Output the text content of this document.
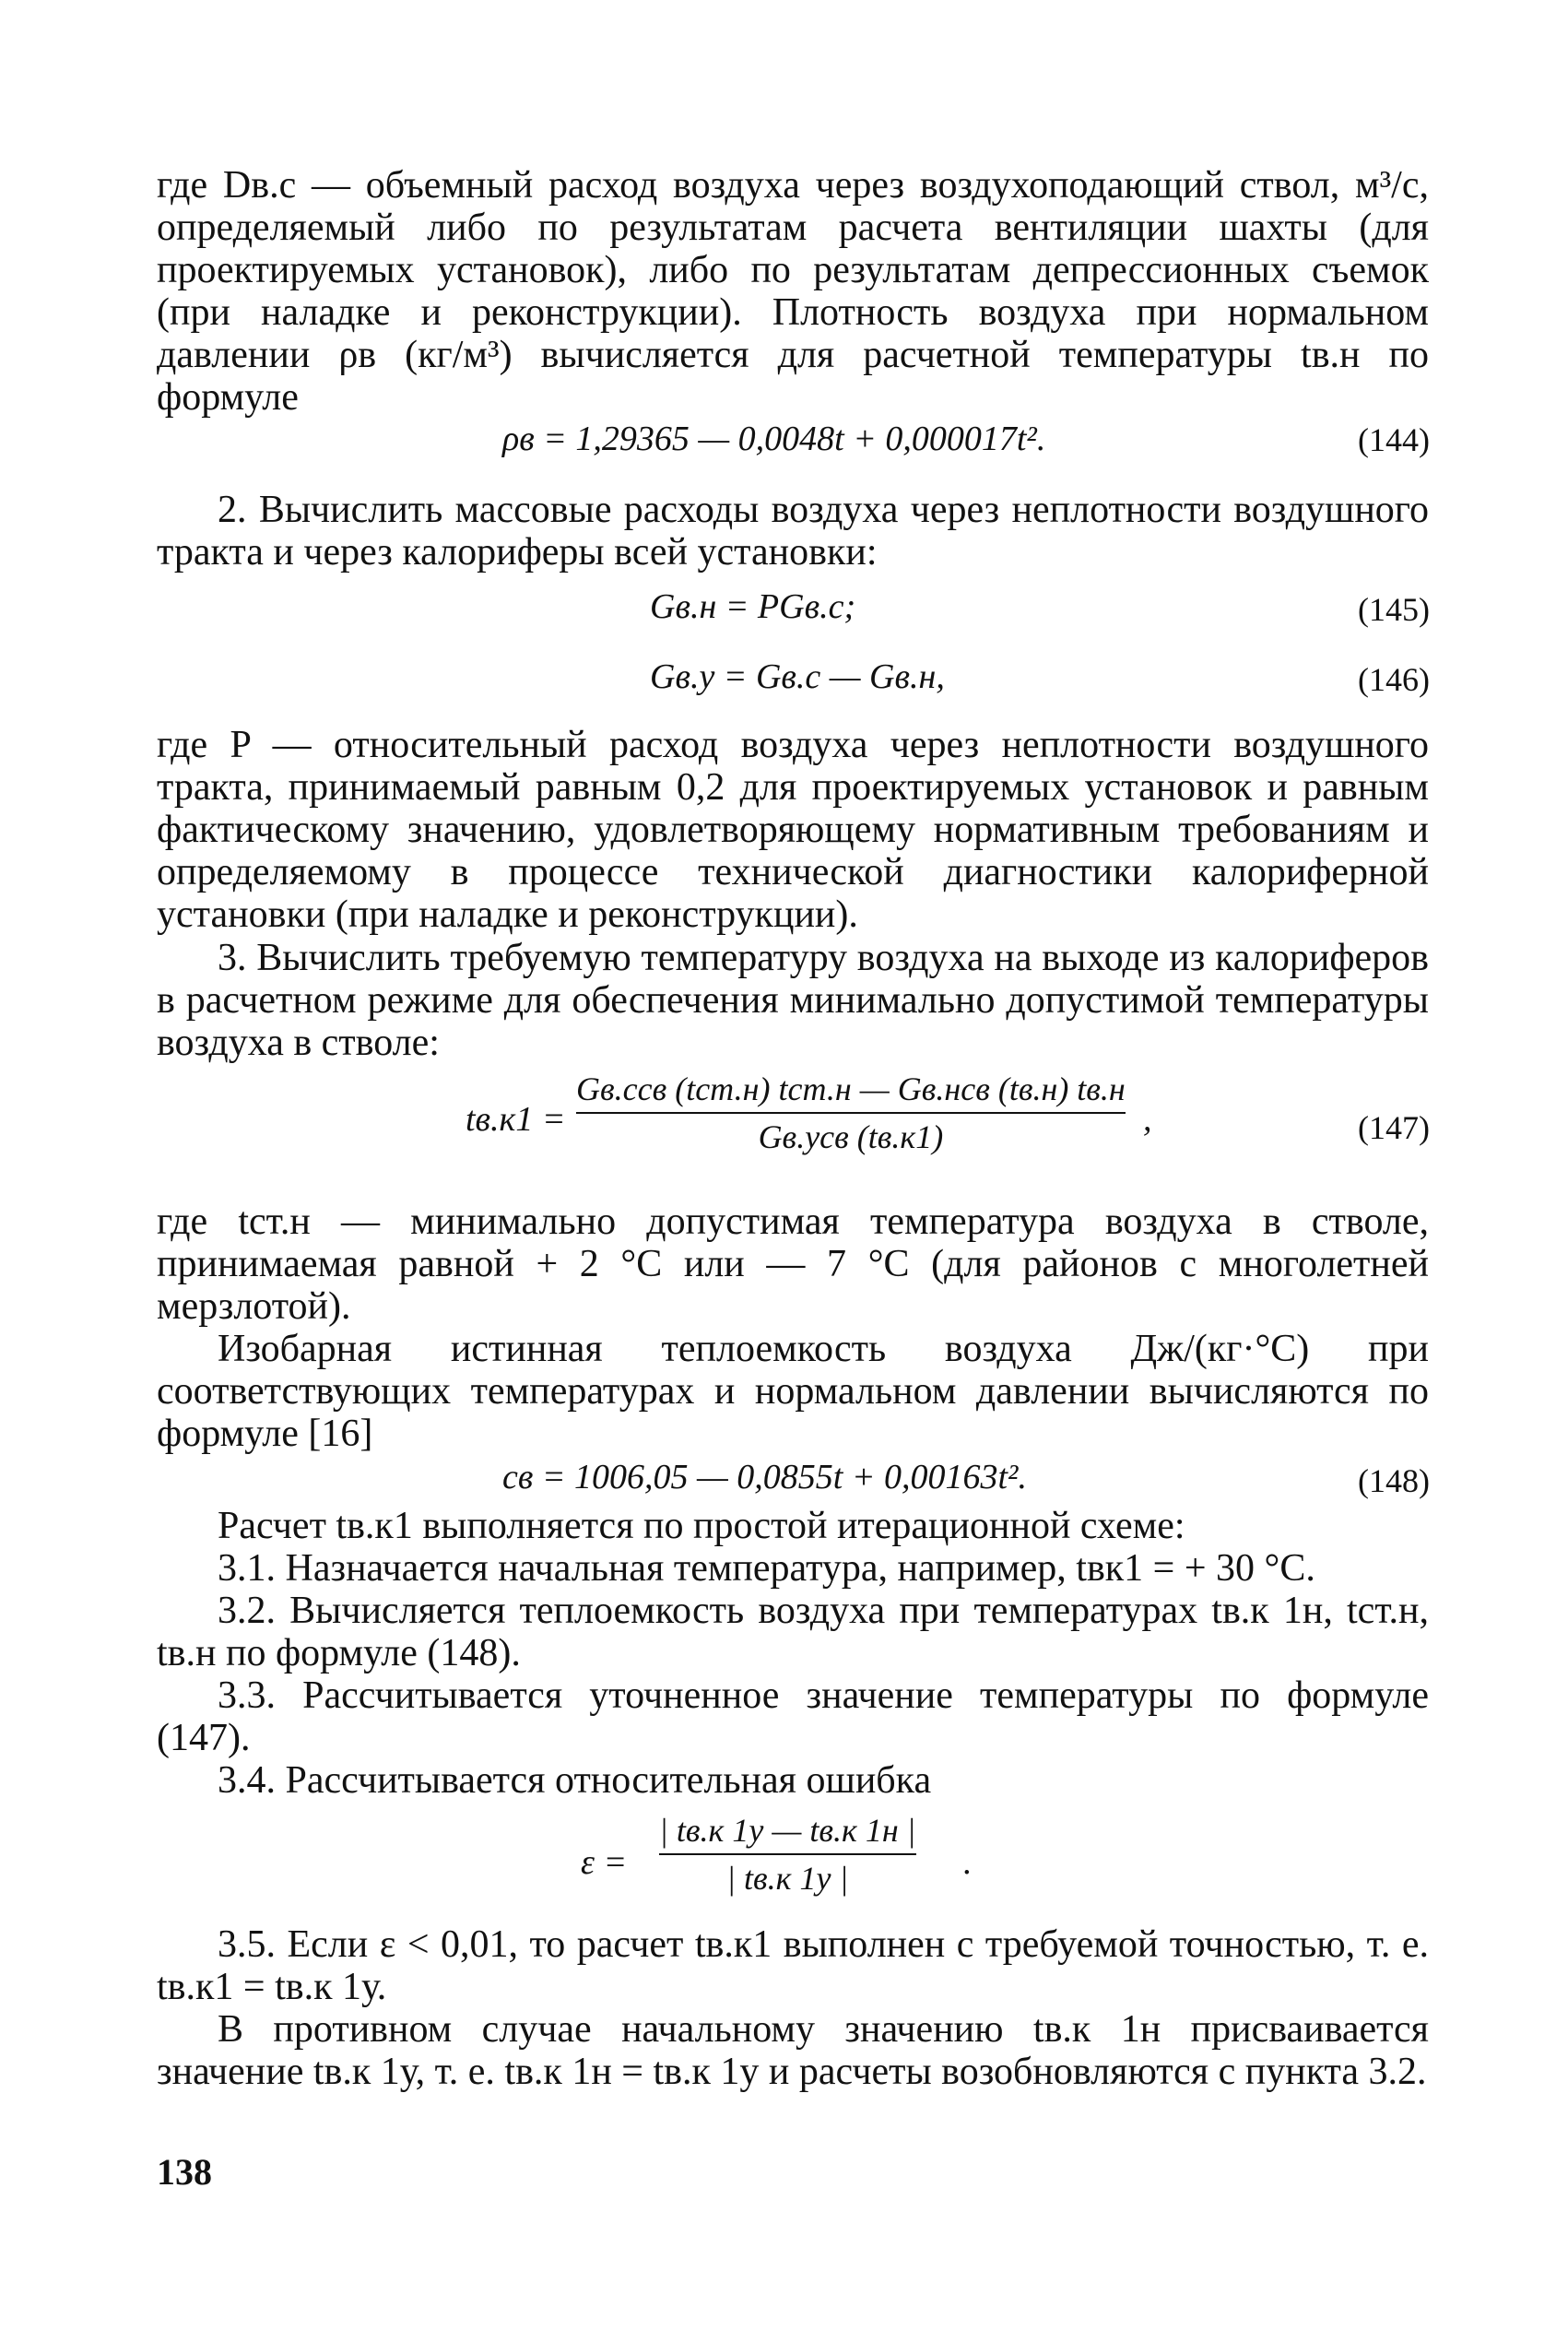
где Dв.с — объемный расход воздуха через воздухоподающий ствол, м³/с, определяемый либо по результатам расчета вентиляции шахты (для проектируемых установок), либо по результатам депрессионных съемок (при наладке и реконструкции). Плотность воздуха при нормальном давлении ρв (кг/м³) вычисляется для расчетной температуры tв.н по формуле

ρв = 1,29365 — 0,0048t + 0,000017t².	(144)

2. Вычислить массовые расходы воздуха через неплотности воздушного тракта и через калориферы всей установки:

Gв.н = PGв.с;	(145)
Gв.у = Gв.с — Gв.н,	(146)

где P — относительный расход воздуха через неплотности воздушного тракта, принимаемый равным 0,2 для проектируемых установок и равным фактическому значению, удовлетворяющему нормативным требованиям и определяемому в процессе технической диагностики калориферной установки (при наладке и реконструкции).

3. Вычислить требуемую температуру воздуха на выходе из калориферов в расчетном режиме для обеспечения минимально допустимой температуры воздуха в стволе:

tв.к1 =
Gв.сcв (tст.н) tст.н — Gв.нcв (tв.н) tв.н
Gв.уcв (tв.к1)	,	(147)

где tст.н — минимально допустимая температура воздуха в стволе, принимаемая равной + 2 °C или — 7 °C (для районов с многолетней мерзлотой).

Изобарная истинная теплоемкость воздуха Дж/(кг·°C) при соответствующих температурах и нормальном давлении вычисляются по формуле [16]

cв = 1006,05 — 0,0855t + 0,00163t².	(148)

Расчет tв.к1 выполняется по простой итерационной схеме:

3.1. Назначается начальная температура, например, tвк1 = + 30 °C.

3.2. Вычисляется теплоемкость воздуха при температурах tв.к 1н, tст.н, tв.н по формуле (148).

3.3. Рассчитывается уточненное значение температуры по формуле (147).

3.4. Рассчитывается относительная ошибка

ε =
| tв.к 1у — tв.к 1н |
| tв.к 1у |	.

3.5. Если ε < 0,01, то расчет tв.к1 выполнен с требуемой точностью, т. е. tв.к1 = tв.к 1у.

В противном случае начальному значению tв.к 1н присваивается значение tв.к 1у, т. е. tв.к 1н = tв.к 1у и расчеты возобновляются с пункта 3.2.

138
